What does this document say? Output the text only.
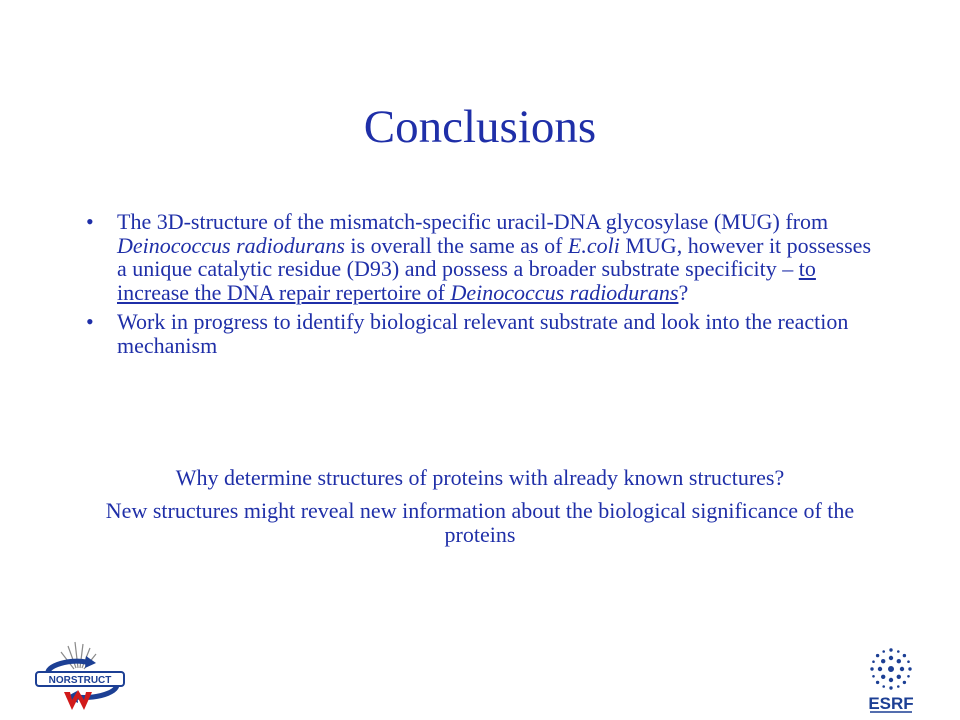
Conclusions
• The 3D-structure of the mismatch-specific uracil-DNA glycosylase (MUG) from Deinococcus radiodurans is overall the same as of E.coli MUG, however it possesses a unique catalytic residue (D93) and possess a broader substrate specificity – to increase the DNA repair repertoire of Deinococcus radiodurans?
• Work in progress to identify biological relevant substrate and look into the reaction mechanism
Why determine structures of proteins with already known structures?
New structures might reveal new information about the biological significance of the proteins
NORSTRUCT
ESRF
